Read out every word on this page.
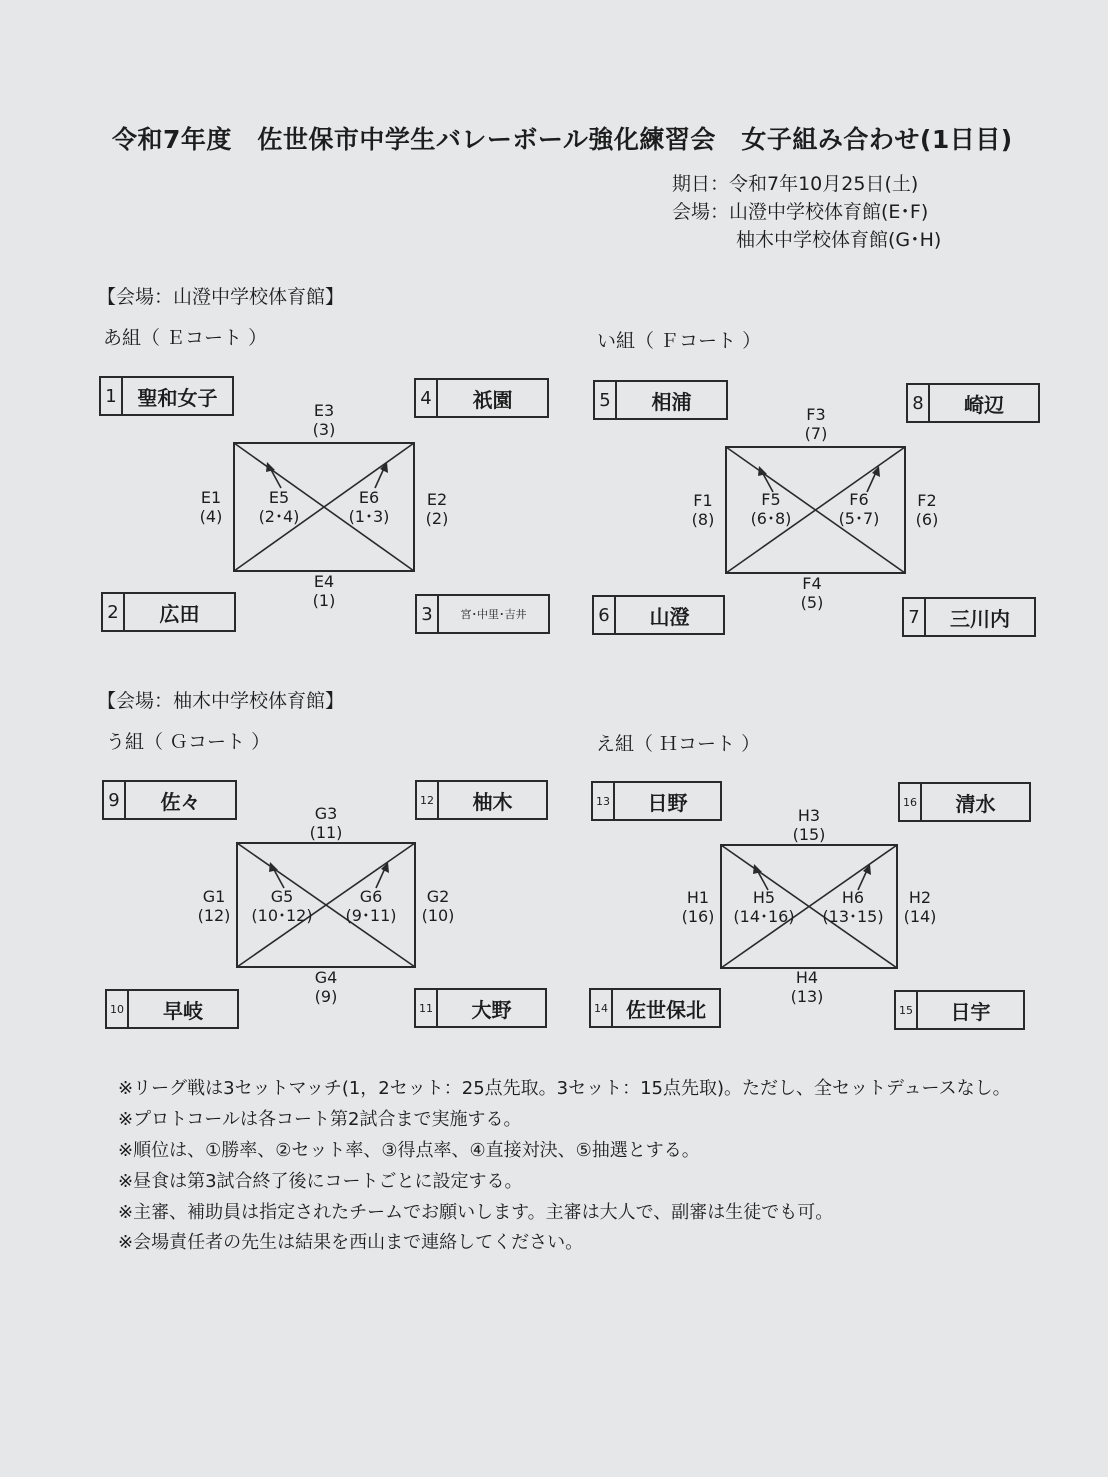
令和7年度　佐世保市中学生バレーボール強化練習会　女子組み合わせ(1日目)
期日：令和7年10月25日(土)
会場：山澄中学校体育館(E･F)
柚木中学校体育館(G･H)
【会場：山澄中学校体育館】
【会場：柚木中学校体育館】
あ組（ Ｅコート ）
1	聖和女子	4	祇園
2	広田	3	宮･中里･吉井
E3
(3)
E1
(4)
E2
(2)
E4
(1)
E5
(2･4)
E6
(1･3)
い組（ Ｆコート ）
5	相浦	8	崎辺
6	山澄	7	三川内
F3
(7)
F1
(8)
F2
(6)
F4
(5)
F5
(6･8)
F6
(5･7)
う組（ Ｇコート ）
9	佐々	12	柚木
10	早岐	11	大野
G3
(11)
G1
(12)
G2
(10)
G4
(9)
G5
(10･12)
G6
(9･11)
え組（ Ｈコート ）
13	日野	16	清水
14 佐世保北	15	日宇
H3
(15)
H1
(16)
H2
(14)
H4
(13)
H5
(14･16)
H6
(13･15)
※リーグ戦は3セットマッチ(1，2セット：25点先取。3セット：15点先取)。ただし、全セットデュースなし。
※プロトコールは各コート第2試合まで実施する。
※順位は、①勝率、②セット率、③得点率、④直接対決、⑤抽選とする。
※昼食は第3試合終了後にコートごとに設定する。
※主審、補助員は指定されたチームでお願いします。主審は大人で、副審は生徒でも可。
※会場責任者の先生は結果を西山まで連絡してください。
